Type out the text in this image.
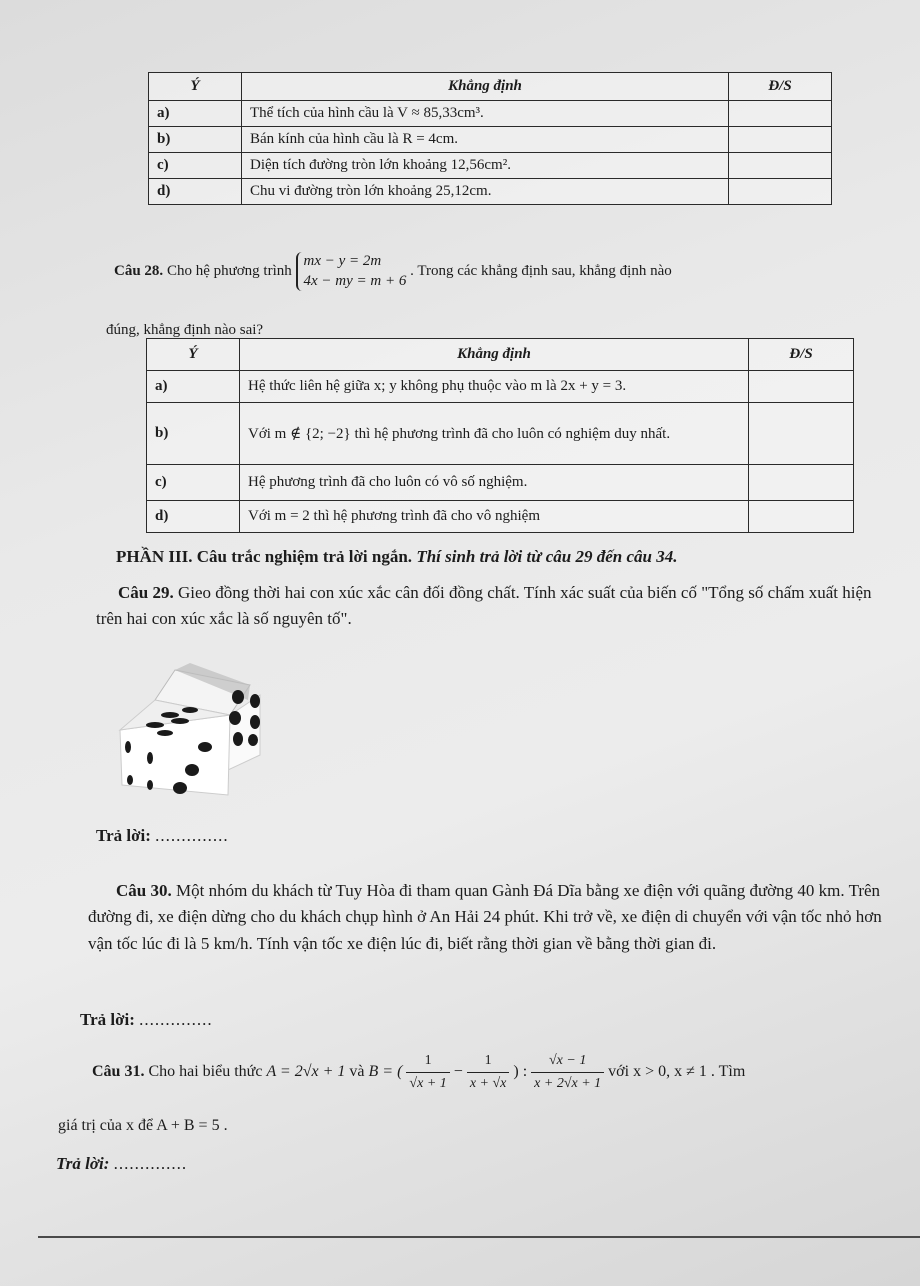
Ý	Khẳng định	Đ/S
a)	Thể tích của hình cầu là V ≈ 85,33cm³.	
b)	Bán kính của hình cầu là R = 4cm.	
c)	Diện tích đường tròn lớn khoảng 12,56cm².	
d)	Chu vi đường tròn lớn khoảng 25,12cm.	
Câu 28. Cho hệ phương trình
mx − y = 2m
4x − my = m + 6
. Trong các khẳng định sau, khẳng định nào
đúng, khẳng định nào sai?
Ý	Khẳng định	Đ/S
a)	Hệ thức liên hệ giữa x; y không phụ thuộc vào m là 2x + y = 3.	
b)	Với m ∉ {2; −2} thì hệ phương trình đã cho luôn có nghiệm duy nhất.	
c)	Hệ phương trình đã cho luôn có vô số nghiệm.	
d)	Với m = 2 thì hệ phương trình đã cho vô nghiệm	
PHẦN III. Câu trắc nghiệm trả lời ngắn. Thí sinh trả lời từ câu 29 đến câu 34.
Câu 29. Gieo đồng thời hai con xúc xắc cân đối đồng chất. Tính xác suất của biến cố "Tổng số chấm xuất hiện trên hai con xúc xắc là số nguyên tố".
Trả lời: ..............
Câu 30. Một nhóm du khách từ Tuy Hòa đi tham quan Gành Đá Dĩa bằng xe điện với quãng đường 40 km. Trên đường đi, xe điện dừng cho du khách chụp hình ở An Hải 24 phút. Khi trở về, xe điện di chuyển với vận tốc nhỏ hơn vận tốc lúc đi là 5 km/h. Tính vận tốc xe điện lúc đi, biết rằng thời gian về bằng thời gian đi.
Trả lời: ..............
Câu 31. Cho hai biểu thức A = 2√x + 1 và B = ( $\frac{1}{√x + 1} - \frac{1}{x + √x}$ ) : $\frac{√x - 1}{x + 2√x + 1}$ với x > 0, x ≠ 1 . Tìm
giá trị của x để A + B = 5 .
Trả lời: ..............
